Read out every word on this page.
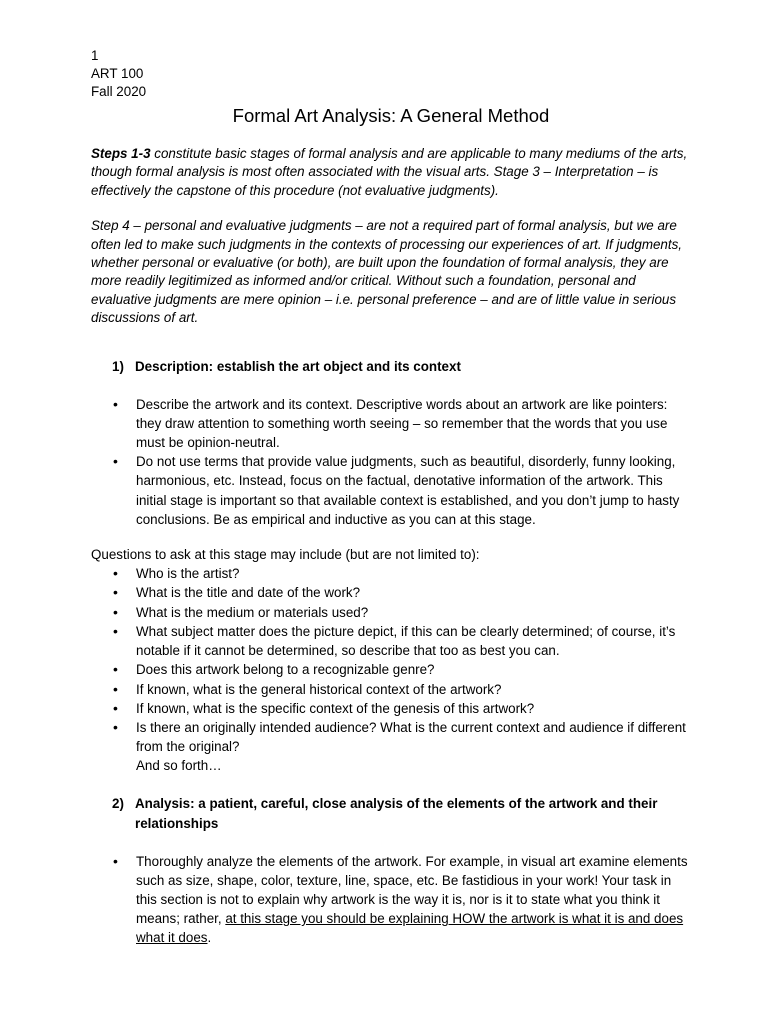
1
ART 100
Fall 2020
Formal Art Analysis: A General Method

Steps 1-3 constitute basic stages of formal analysis and are applicable to many mediums of the arts, though formal analysis is most often associated with the visual arts. Stage 3 – Interpretation – is effectively the capstone of this procedure (not evaluative judgments).

Step 4 – personal and evaluative judgments – are not a required part of formal analysis, but we are often led to make such judgments in the contexts of processing our experiences of art. If judgments, whether personal or evaluative (or both), are built upon the foundation of formal analysis, they are more readily legitimized as informed and/or critical. Without such a foundation, personal and evaluative judgments are mere opinion – i.e. personal preference – and are of little value in serious discussions of art.

1) Description: establish the art object and its context
• Describe the artwork and its context. Descriptive words about an artwork are like pointers: they draw attention to something worth seeing – so remember that the words that you use must be opinion-neutral.
• Do not use terms that provide value judgments, such as beautiful, disorderly, funny looking, harmonious, etc. Instead, focus on the factual, denotative information of the artwork. This initial stage is important so that available context is established, and you don’t jump to hasty conclusions. Be as empirical and inductive as you can at this stage.
Questions to ask at this stage may include (but are not limited to):
• Who is the artist?
• What is the title and date of the work?
• What is the medium or materials used?
• What subject matter does the picture depict, if this can be clearly determined; of course, it’s notable if it cannot be determined, so describe that too as best you can.
• Does this artwork belong to a recognizable genre?
• If known, what is the general historical context of the artwork?
• If known, what is the specific context of the genesis of this artwork?
• Is there an originally intended audience? What is the current context and audience if different from the original?
And so forth…
2) Analysis: a patient, careful, close analysis of the elements of the artwork and their relationships
• Thoroughly analyze the elements of the artwork. For example, in visual art examine elements such as size, shape, color, texture, line, space, etc. Be fastidious in your work! Your task in this section is not to explain why artwork is the way it is, nor is it to state what you think it means; rather, at this stage you should be explaining HOW the artwork is what it is and does what it does.
